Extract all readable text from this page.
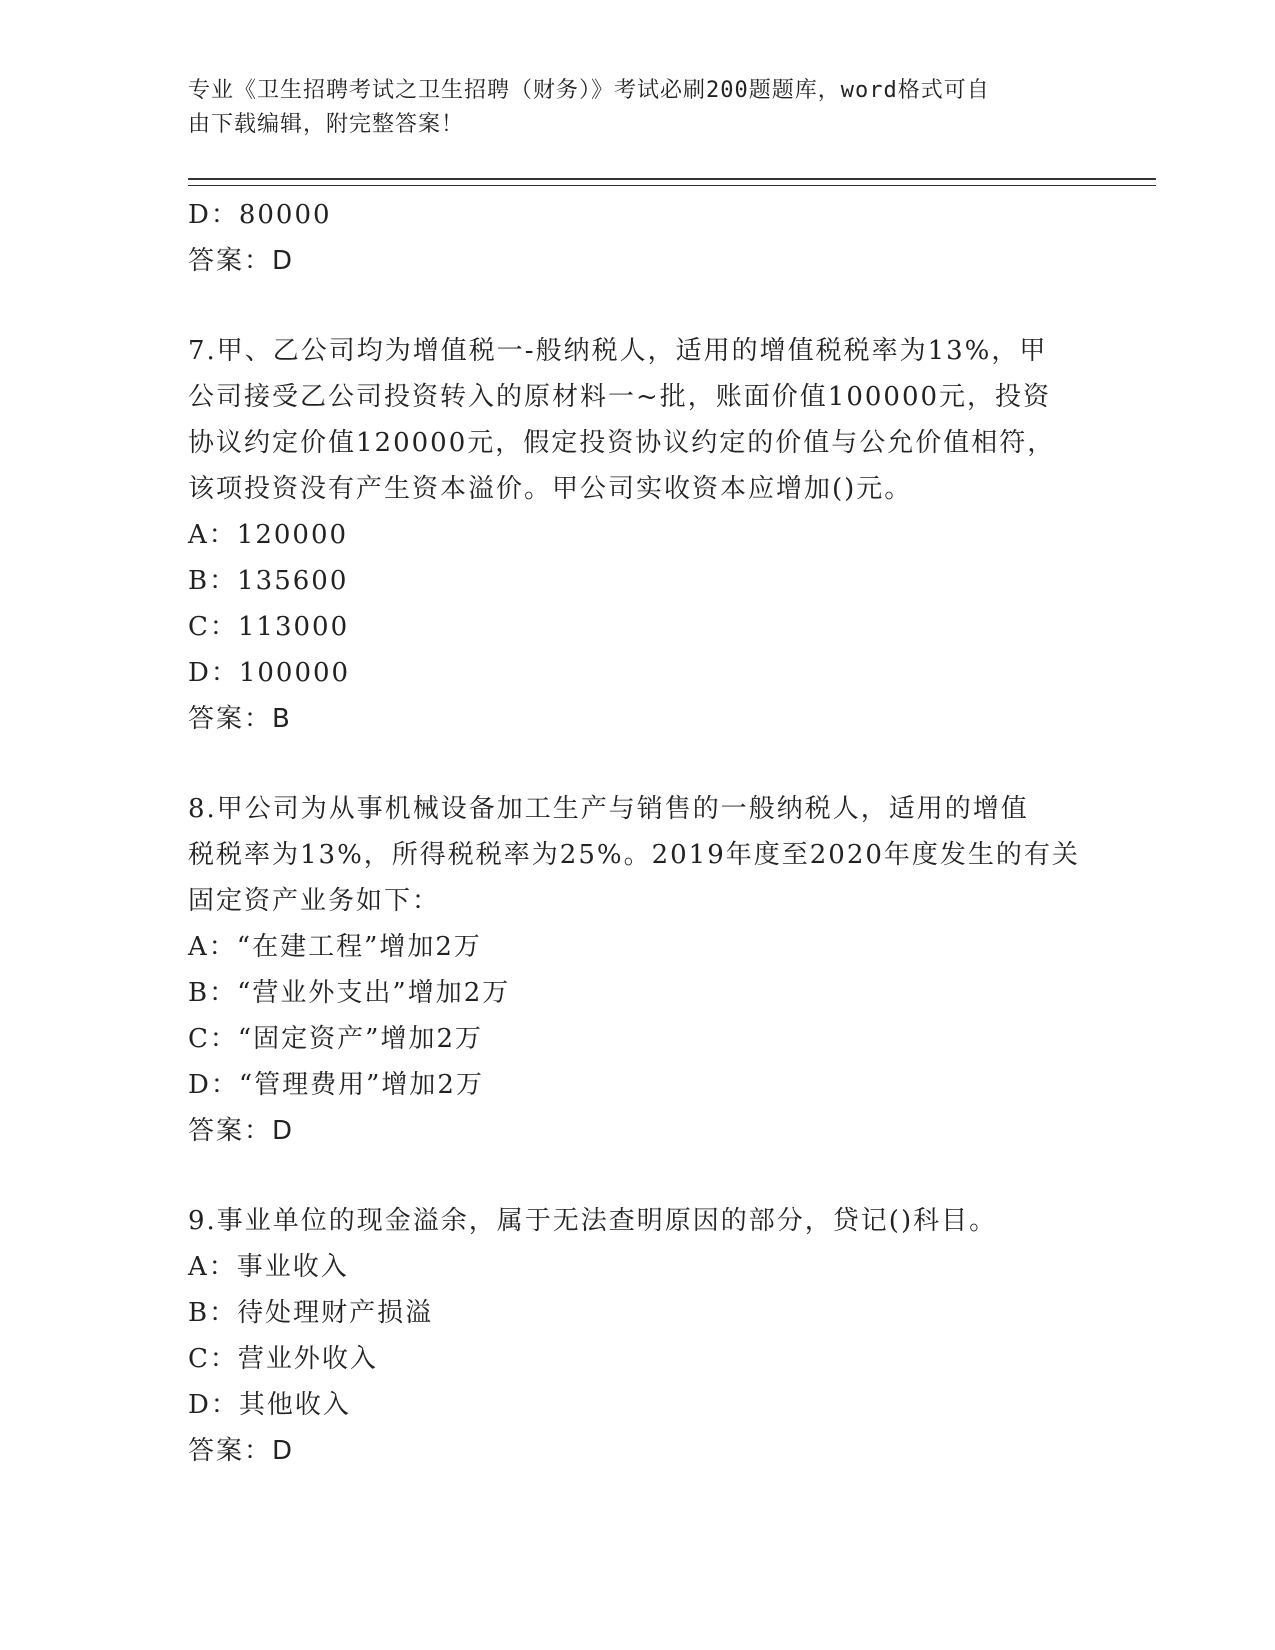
专业《卫生招聘考试之卫生招聘（财务）》考试必刷200题题库，word格式可自
由下载编辑，附完整答案！
D：80000
答案：D
7.甲、乙公司均为增值税一-般纳税人，适用的增值税税率为13%，甲
公司接受乙公司投资转入的原材料一~批，账面价值100000元，投资
协议约定价值120000元，假定投资协议约定的价值与公允价值相符，
该项投资没有产生资本溢价。甲公司实收资本应增加()元。
A：120000
B：135600
C：113000
D：100000
答案：B
8.甲公司为从事机械设备加工生产与销售的一般纳税人，适用的增值
税税率为13%，所得税税率为25%。2019年度至2020年度发生的有关
固定资产业务如下：
A：“在建工程”增加2万
B：“营业外支出”增加2万
C：“固定资产”增加2万
D：“管理费用”增加2万
答案：D
9.事业单位的现金溢余，属于无法查明原因的部分，贷记()科目。
A：事业收入
B：待处理财产损溢
C：营业外收入
D：其他收入
答案：D
